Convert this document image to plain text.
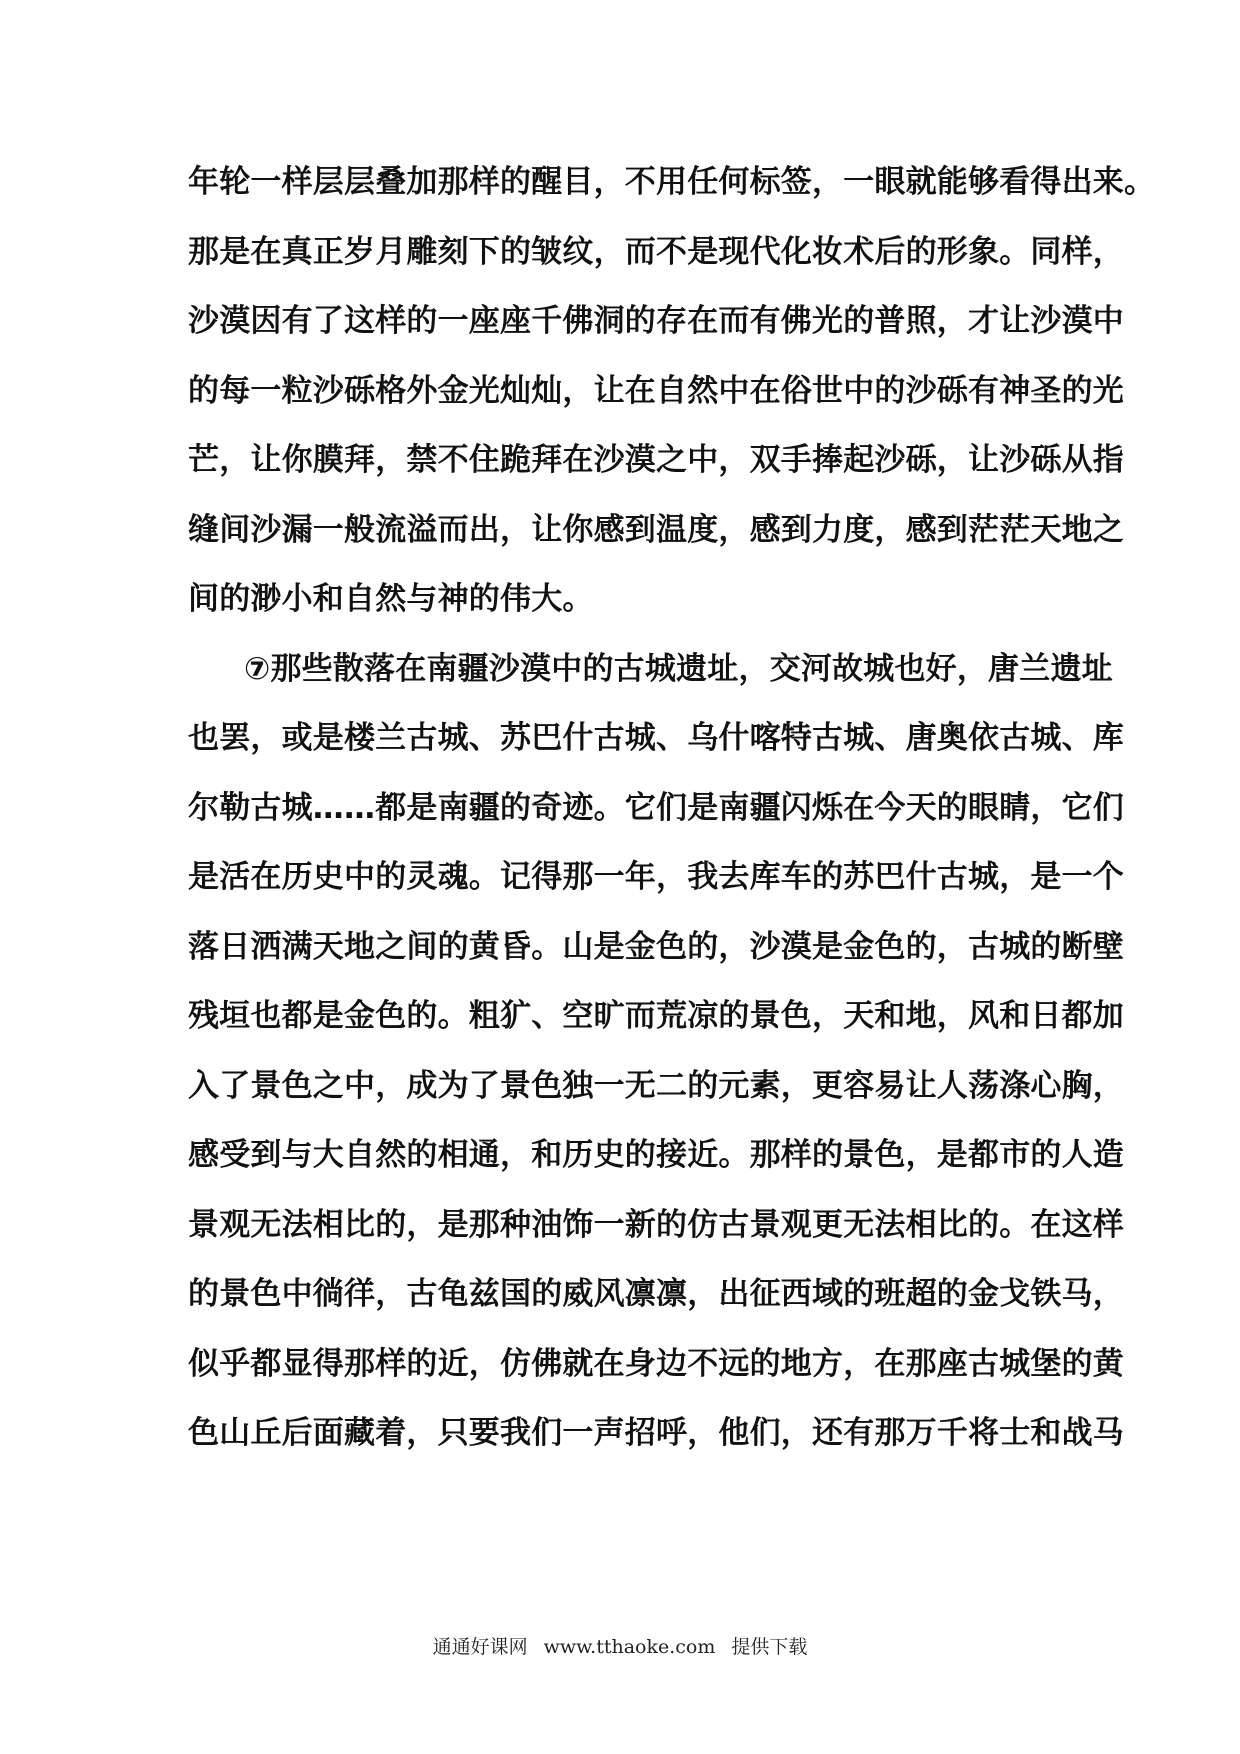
年轮一样层层叠加那样的醒目，不用任何标签，一眼就能够看得出来。
那是在真正岁月雕刻下的皱纹，而不是现代化妆术后的形象。同样，
沙漠因有了这样的一座座千佛洞的存在而有佛光的普照，才让沙漠中
的每一粒沙砾格外金光灿灿，让在自然中在俗世中的沙砾有神圣的光
芒，让你膜拜，禁不住跪拜在沙漠之中，双手捧起沙砾，让沙砾从指
缝间沙漏一般流溢而出，让你感到温度，感到力度，感到茫茫天地之
间的渺小和自然与神的伟大。
⑦那些散落在南疆沙漠中的古城遗址，交河故城也好，唐兰遗址
也罢，或是楼兰古城、苏巴什古城、乌什喀特古城、唐奥依古城、库
尔勒古城……都是南疆的奇迹。它们是南疆闪烁在今天的眼睛，它们
是活在历史中的灵魂。记得那一年，我去库车的苏巴什古城，是一个
落日洒满天地之间的黄昏。山是金色的，沙漠是金色的，古城的断壁
残垣也都是金色的。粗犷、空旷而荒凉的景色，天和地，风和日都加
入了景色之中，成为了景色独一无二的元素，更容易让人荡涤心胸，
感受到与大自然的相通，和历史的接近。那样的景色，是都市的人造
景观无法相比的，是那种油饰一新的仿古景观更无法相比的。在这样
的景色中徜徉，古龟兹国的威风凛凛，出征西域的班超的金戈铁马，
似乎都显得那样的近，仿佛就在身边不远的地方，在那座古城堡的黄
色山丘后面藏着，只要我们一声招呼，他们，还有那万千将士和战马
通通好课网 www.tthaoke.com 提供下载
